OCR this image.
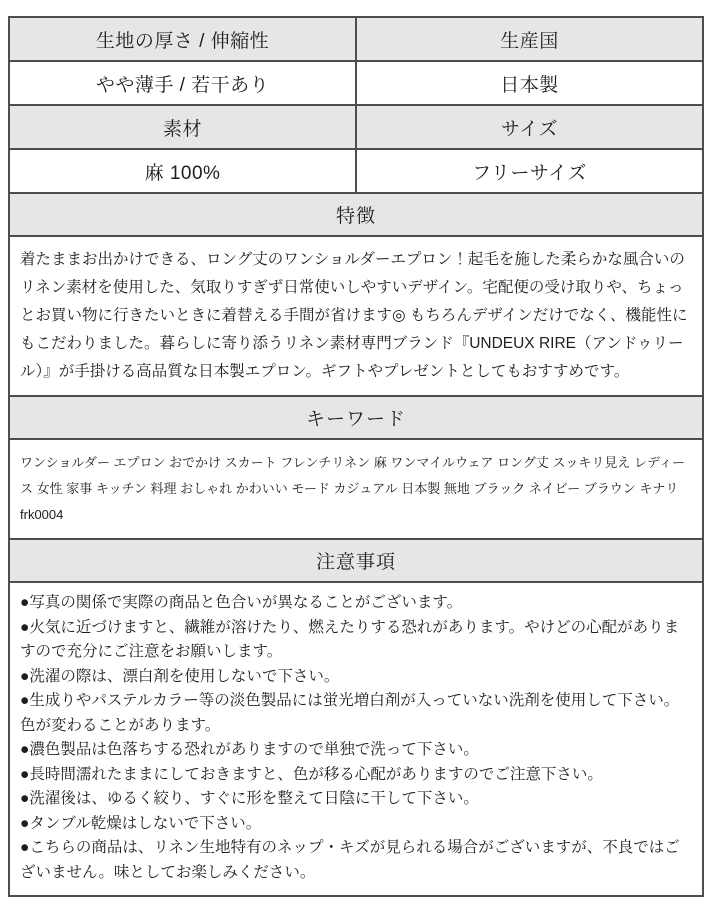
生地の厚さ / 伸縮性	生産国
やや薄手 / 若干あり	日本製
素材	サイズ
麻 100%	フリーサイズ
特徴	
着たままお出かけできる、ロング丈のワンショルダーエプロン！起毛を施した柔らかな風合いのリネン素材を使用した、気取りすぎず日常使いしやすいデザイン。宅配便の受け取りや、ちょっとお買い物に行きたいときに着替える手間が省けます◎ もちろんデザインだけでなく、機能性にもこだわりました。暮らしに寄り添うリネン素材専門ブランド『UNDEUX RIRE（アンドゥリール）』が手掛ける高品質な日本製エプロン。ギフトやプレゼントとしてもおすすめです。	
キーワード	
ワンショルダー エプロン おでかけ スカート フレンチリネン 麻 ワンマイルウェア ロング丈 スッキリ見え レディース 女性 家事 キッチン 料理 おしゃれ かわいい モード カジュアル 日本製 無地 ブラック ネイビー ブラウン キナリ frk0004	
注意事項	

●写真の関係で実際の商品と色合いが異なることがございます。
●火気に近づけますと、繊維が溶けたり、燃えたりする恐れがあります。やけどの心配がありますので充分にご注意をお願いします。
●洗濯の際は、漂白剤を使用しないで下さい。
●生成りやパステルカラー等の淡色製品には蛍光増白剤が入っていない洗剤を使用して下さい。色が変わることがあります。
●濃色製品は色落ちする恐れがありますので単独で洗って下さい。
●長時間濡れたままにしておきますと、色が移る心配がありますのでご注意下さい。
●洗濯後は、ゆるく絞り、すぐに形を整えて日陰に干して下さい。
●タンブル乾燥はしないで下さい。
●こちらの商品は、リネン生地特有のネップ・キズが見られる場合がございますが、不良ではございません。味としてお楽しみください。
